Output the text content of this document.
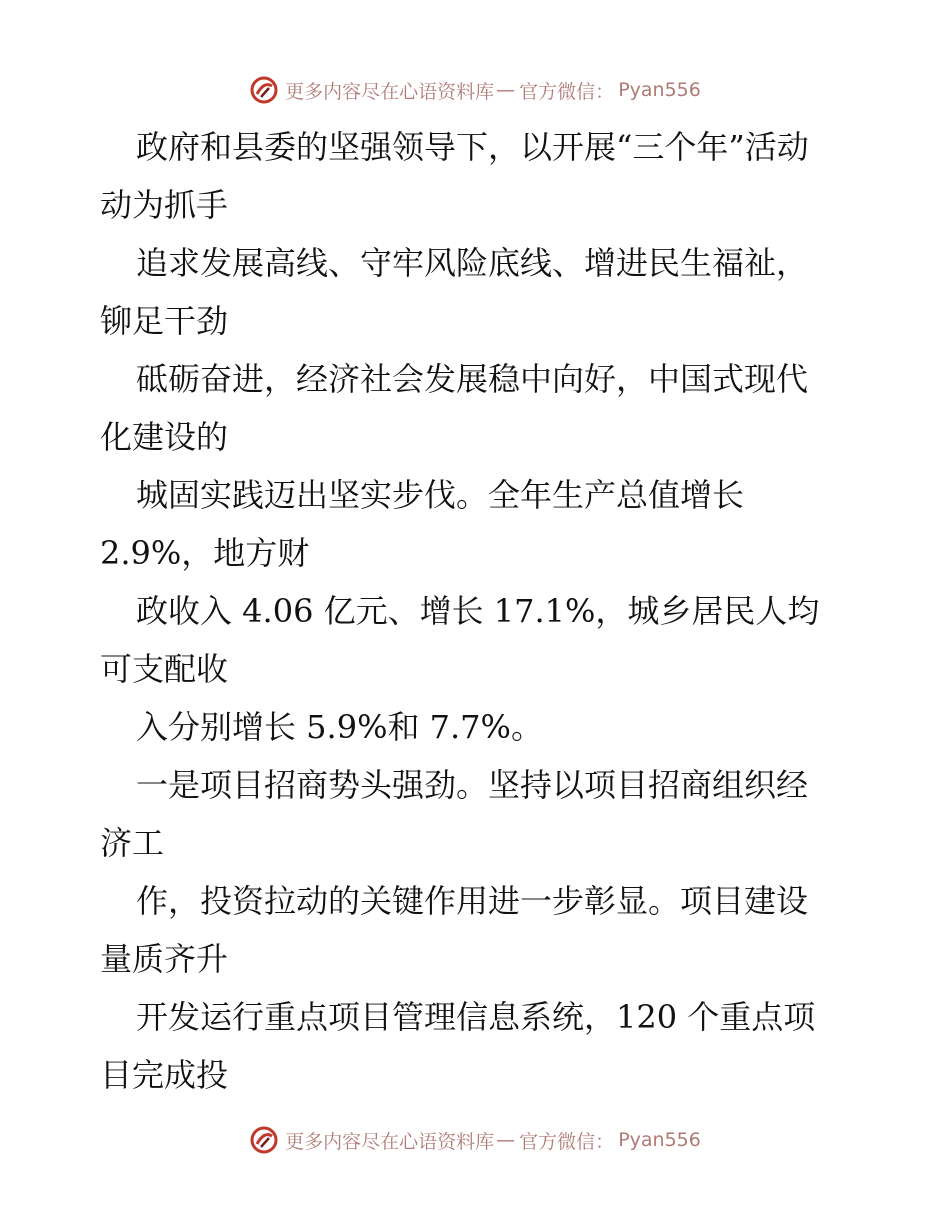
更多内容尽在心语资料库 — 官方微信： Pyan556

政府和县委的坚强领导下，以开展“三个年”活动

动为抓手

追求发展高线、守牢风险底线、增进民生福祉，

铆足干劲

砥砺奋进，经济社会发展稳中向好，中国式现代

化建设的

城固实践迈出坚实步伐。全年生产总值增长

2.9%，地方财

政收入 4.06 亿元、增长 17.1%，城乡居民人均

可支配收

入分别增长 5.9%和 7.7%。

一是项目招商势头强劲。坚持以项目招商组织经

济工

作，投资拉动的关键作用进一步彰显。项目建设

量质齐升

开发运行重点项目管理信息系统，120 个重点项

目完成投

更多内容尽在心语资料库 — 官方微信： Pyan556
